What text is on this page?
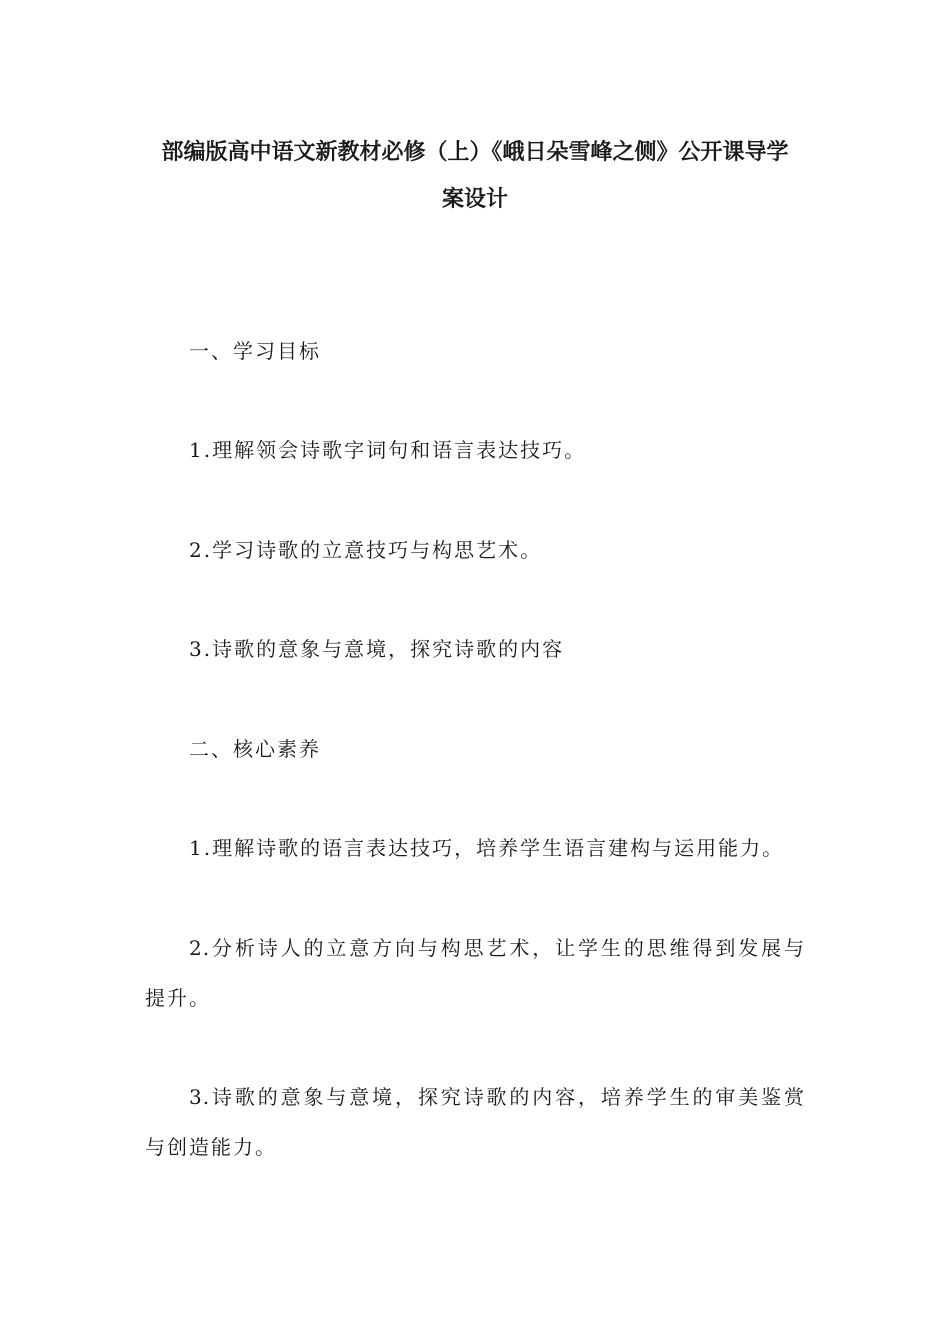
部编版高中语文新教材必修（上）《峨日朵雪峰之侧》公开课导学
案设计
一、学习目标
1.理解领会诗歌字词句和语言表达技巧。
2.学习诗歌的立意技巧与构思艺术。
3.诗歌的意象与意境，探究诗歌的内容
二、核心素养
1.理解诗歌的语言表达技巧，培养学生语言建构与运用能力。
2.分析诗人的立意方向与构思艺术，让学生的思维得到发展与
提升。
3.诗歌的意象与意境，探究诗歌的内容，培养学生的审美鉴赏
与创造能力。
